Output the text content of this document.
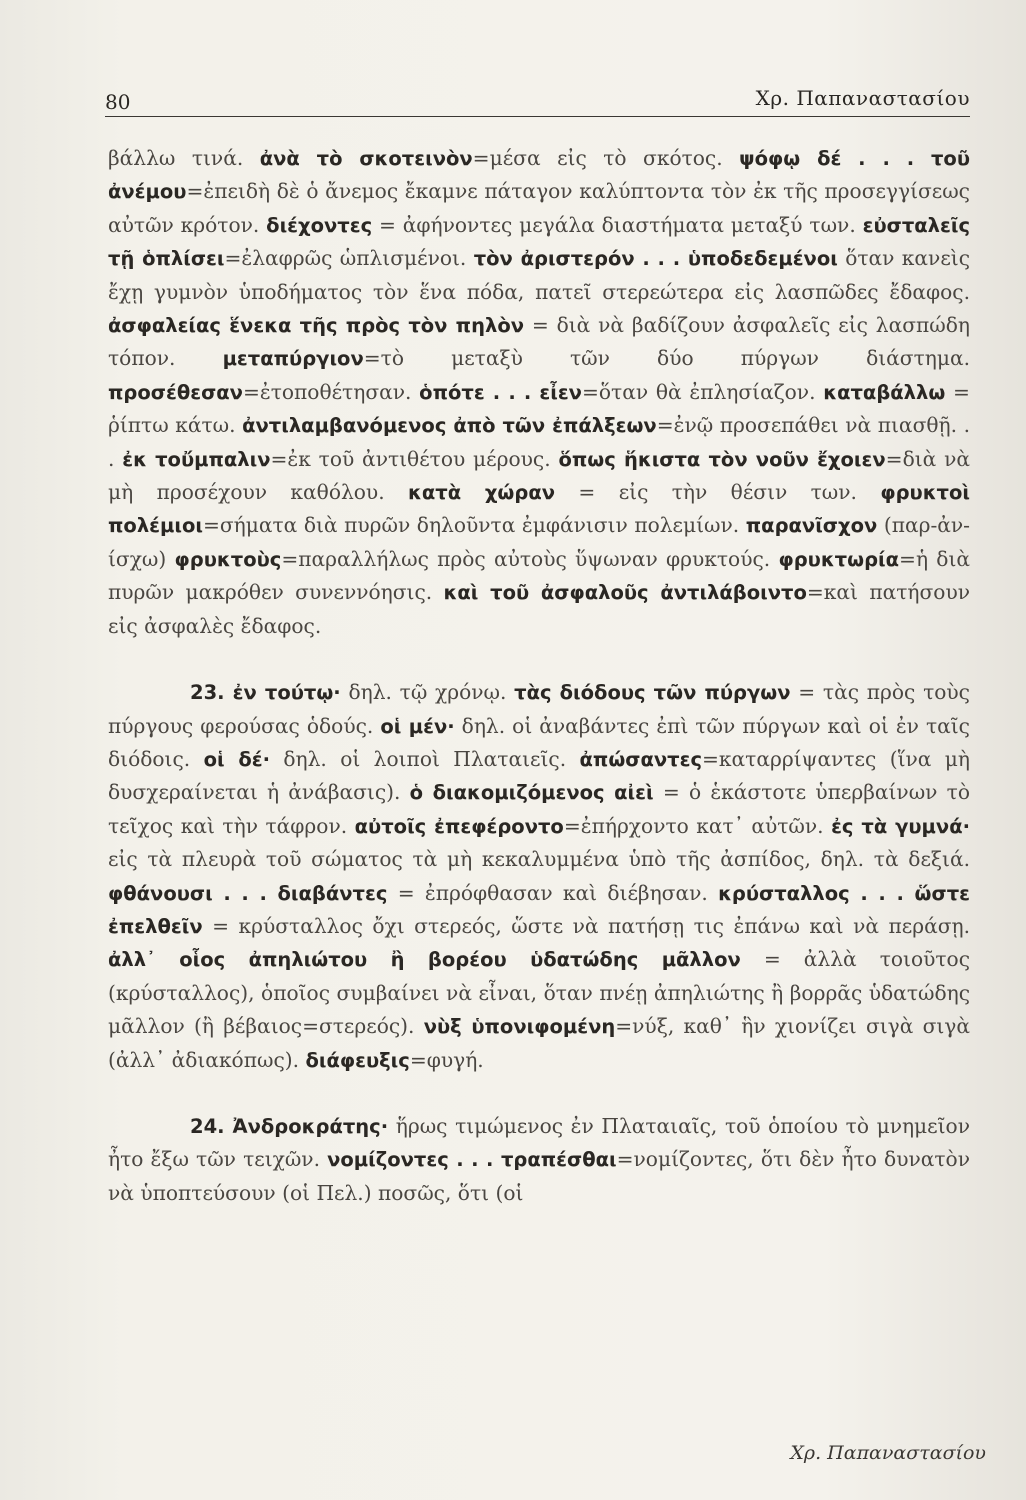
80	Χρ. Παπαναστασίου

βάλλω τινά. ἀνὰ τὸ σκοτεινὸν=μέσα εἰς τὸ σκότος. ψόφῳ δέ . . . τοῦ ἀνέμου=ἐπειδὴ δὲ ὁ ἄνεμος ἔκαμνε πάταγον καλύπτοντα τὸν ἐκ τῆς προσεγγίσεως αὐτῶν κρότον. διέχοντες = ἀφήνοντες μεγάλα διαστήματα μεταξύ των. εὐσταλεῖς τῇ ὁπλίσει=ἐλαφρῶς ὡπλισμένοι. τὸν ἀριστερόν . . . ὑποδεδεμένοι ὅταν κανεὶς ἔχῃ γυμνὸν ὑποδήματος τὸν ἕνα πόδα, πατεῖ στερεώτερα εἰς λασπῶδες ἔδαφος. ἀσφαλείας ἕνεκα τῆς πρὸς τὸν πηλὸν = διὰ νὰ βαδίζουν ἀσφαλεῖς εἰς λασπώδη τόπον. μεταπύργιον=τὸ μεταξὺ τῶν δύο πύργων διάστημα. προσέθεσαν=ἐτοποθέτησαν. ὁπότε . . . εἶεν=ὅταν θὰ ἐπλησίαζον. καταβάλλω = ῥίπτω κάτω. ἀντιλαμβανόμενος ἀπὸ τῶν ἐπάλξεων=ἐνῷ προσεπάθει νὰ πιασθῇ. . . ἐκ τοὔμπαλιν=ἐκ τοῦ ἀντιθέτου μέρους. ὅπως ἥκιστα τὸν νοῦν ἔχοιεν=διὰ νὰ μὴ προσέχουν καθόλου. κατὰ χώραν = εἰς τὴν θέσιν των. φρυκτοὶ πολέμιοι=σήματα διὰ πυρῶν δηλοῦντα ἐμφάνισιν πολεμίων. παρανῖσχον (παρ-ἀν-ίσχω) φρυκτοὺς=παραλλήλως πρὸς αὐτοὺς ὕψωναν φρυκτούς. φρυκτωρία=ἡ διὰ πυρῶν μακρόθεν συνεννόησις. καὶ τοῦ ἀσφαλοῦς ἀντιλάβοιντο=καὶ πατήσουν εἰς ἀσφαλὲς ἔδαφος.

23. ἐν τούτῳ· δηλ. τῷ χρόνῳ. τὰς διόδους τῶν πύργων = τὰς πρὸς τοὺς πύργους φερούσας ὁδούς. οἱ μέν· δηλ. οἱ ἀναβάντες ἐπὶ τῶν πύργων καὶ οἱ ἐν ταῖς διόδοις. οἱ δέ· δηλ. οἱ λοιποὶ Πλαταιεῖς. ἀπώσαντες=καταρρίψαντες (ἵνα μὴ δυσχεραίνεται ἡ ἀνάβασις). ὁ διακομιζόμενος αἰεὶ = ὁ ἑκάστοτε ὑπερβαίνων τὸ τεῖχος καὶ τὴν τάφρον. αὐτοῖς ἐπεφέροντο=ἐπήρχοντο κατ᾽ αὐτῶν. ἐς τὰ γυμνά· εἰς τὰ πλευρὰ τοῦ σώματος τὰ μὴ κεκαλυμμένα ὑπὸ τῆς ἀσπίδος, δηλ. τὰ δεξιά. φθάνουσι . . . διαβάντες = ἐπρόφθασαν καὶ διέβησαν. κρύσταλλος . . . ὥστε ἐπελθεῖν = κρύσταλλος ὄχι στερεός, ὥστε νὰ πατήσῃ τις ἐπάνω καὶ νὰ περάσῃ. ἀλλ᾽ οἷος ἀπηλιώτου ἢ βορέου ὑδατώδης μᾶλλον = ἀλλὰ τοιοῦτος (κρύσταλλος), ὁποῖος συμβαίνει νὰ εἶναι, ὅταν πνέῃ ἀπηλιώτης ἢ βορρᾶς ὑδατώδης μᾶλλον (ἢ βέβαιος=στερεός). νὺξ ὑπονιφομένη=νύξ, καθ᾽ ἣν χιονίζει σιγὰ σιγὰ (ἀλλ᾽ ἀδιακόπως). διάφευξις=φυγή.

24. Ἀνδροκράτης· ἥρως τιμώμενος ἐν Πλαταιαῖς, τοῦ ὁποίου τὸ μνημεῖον ἦτο ἔξω τῶν τειχῶν. νομίζοντες . . . τραπέσθαι=νομίζοντες, ὅτι δὲν ἦτο δυνατὸν νὰ ὑποπτεύσουν (οἱ Πελ.) ποσῶς, ὅτι (οἱ

Χρ. Παπαναστασίου
